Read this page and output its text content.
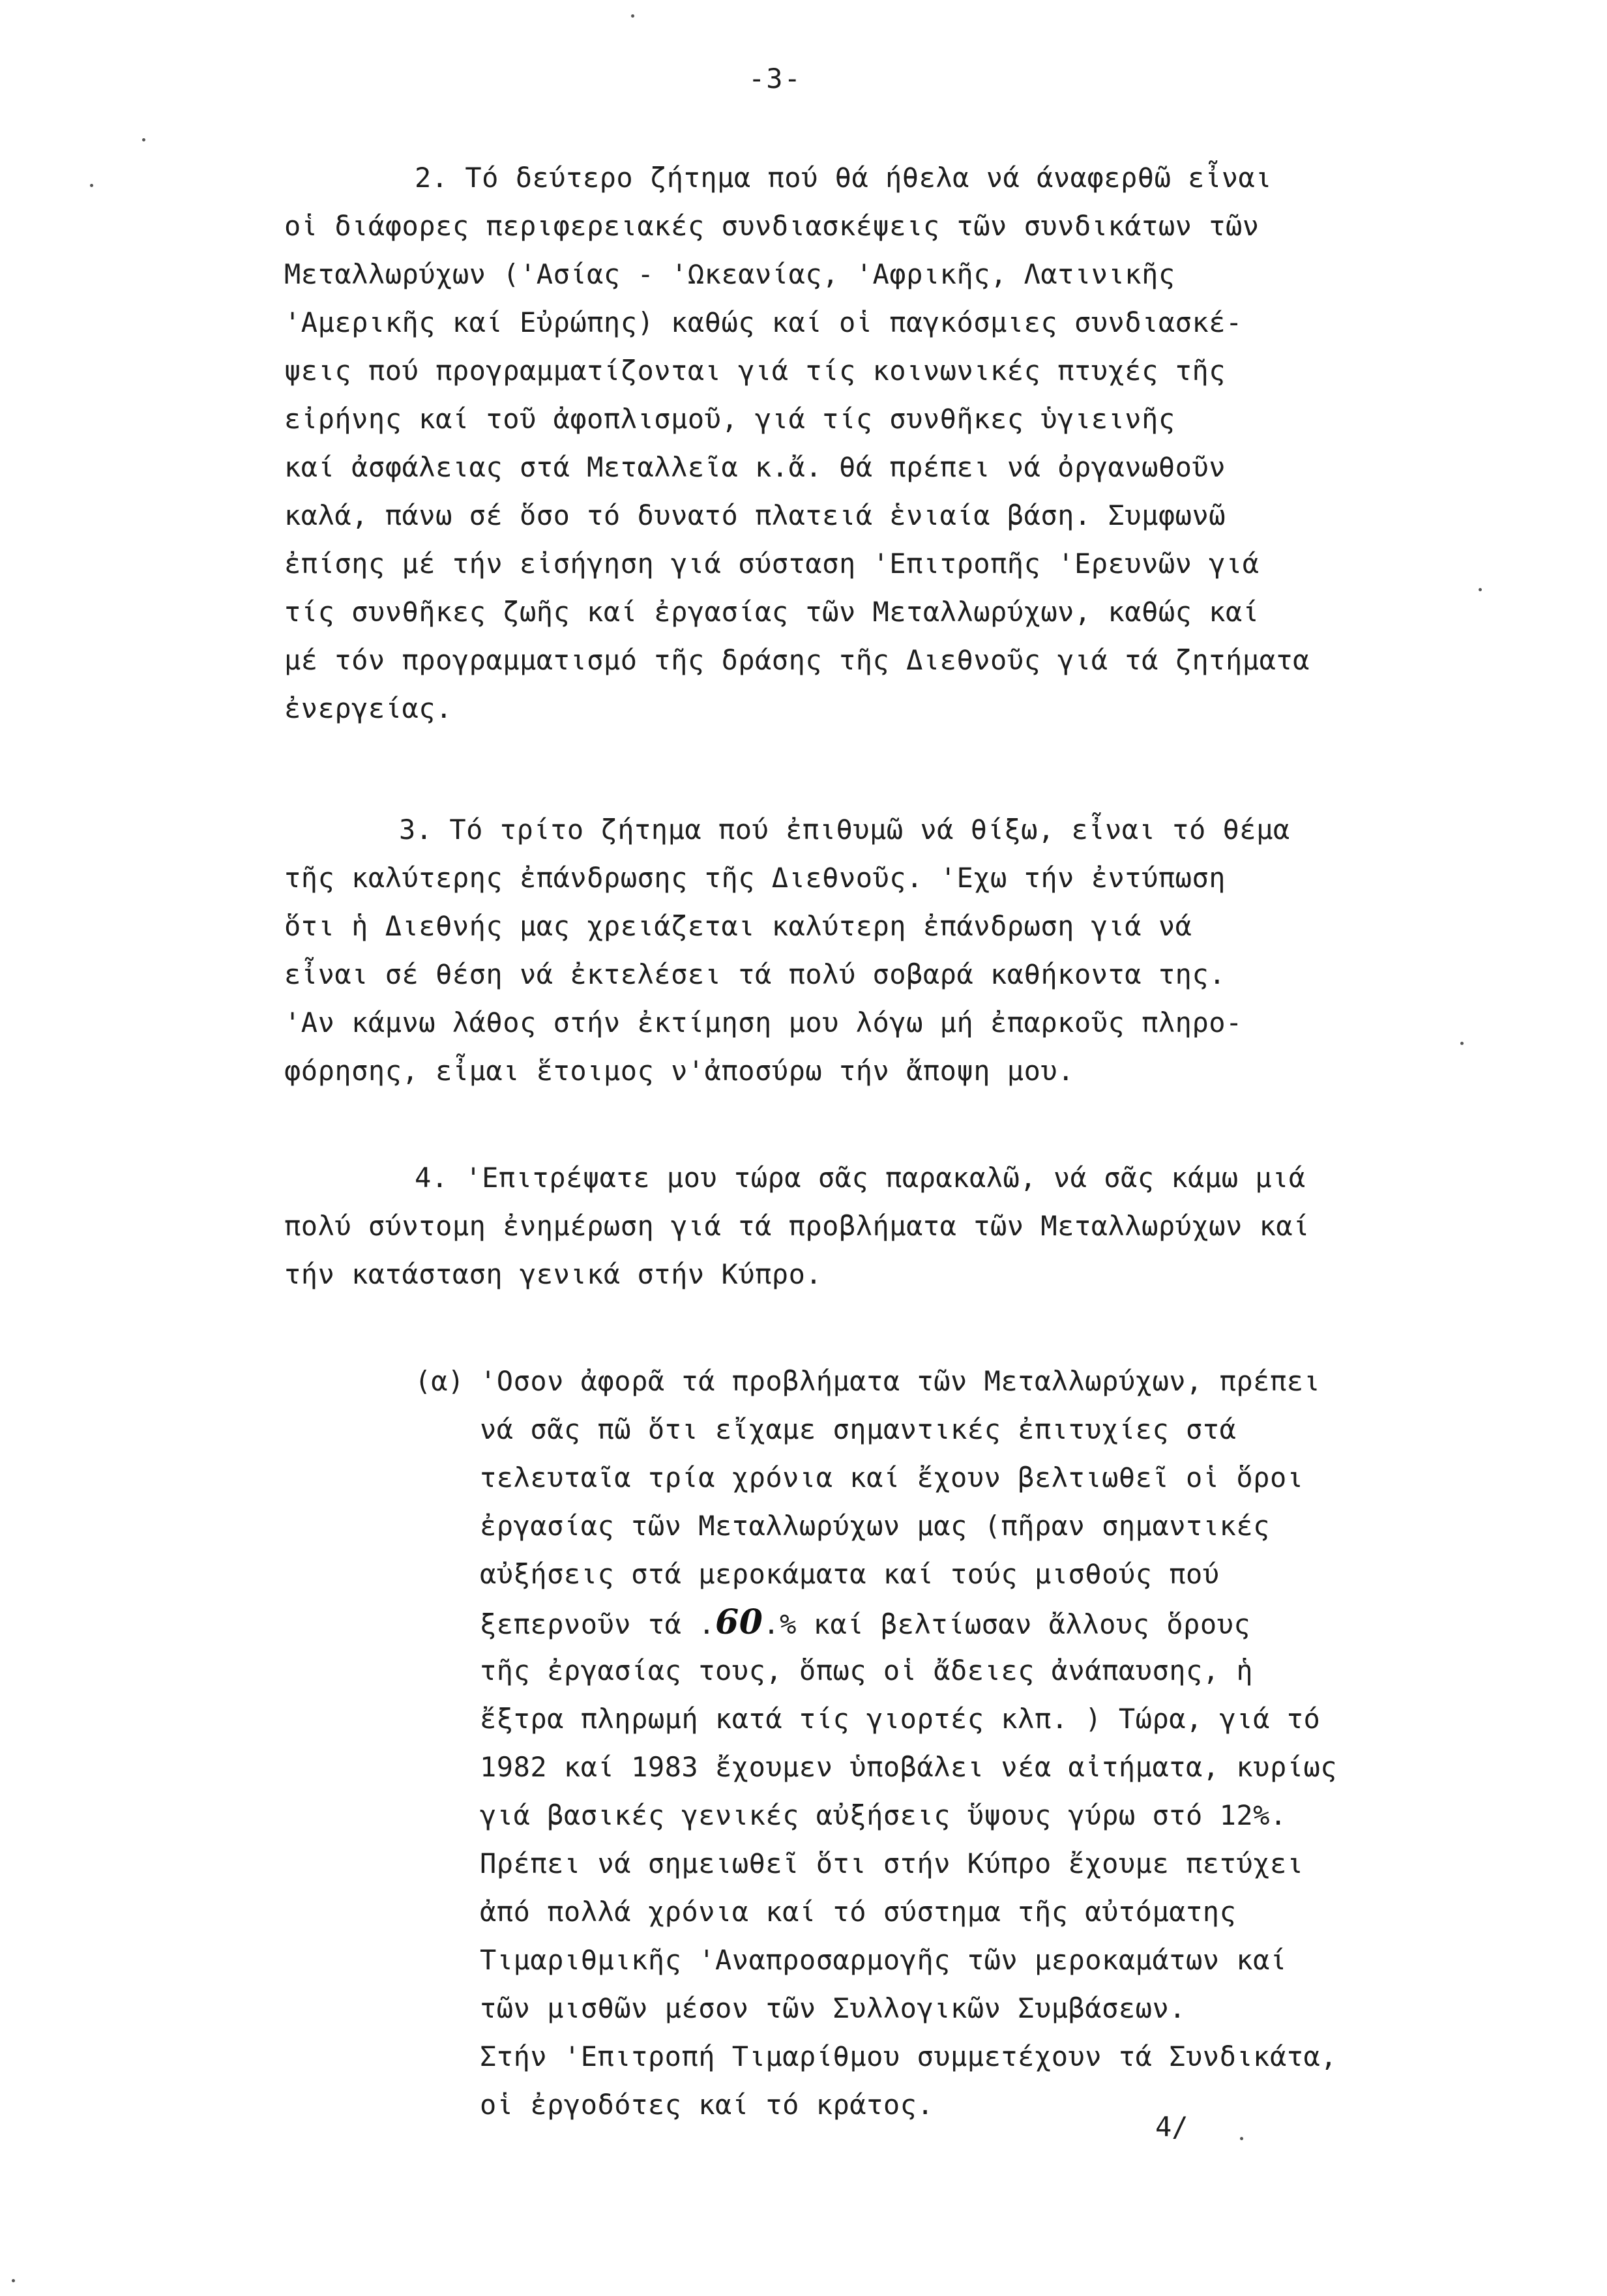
-3-
2. Τό δεύτερο ζήτημα πού θά ήθελα νά άναφερθῶ εἶναι
οἱ διάφορες περιφερειακές συνδιασκέψεις τῶν συνδικάτων τῶν
Μεταλλωρύχων ('Ασίας - 'Ωκεανίας, 'Αφρικῆς, Λατινικῆς
'Αμερικῆς καί Εὐρώπης) καθώς καί οἱ παγκόσμιες συνδιασκέ-
ψεις πού προγραμματίζονται γιά τίς κοινωνικές πτυχές τῆς
εἰρήνης καί τοῦ ἀφοπλισμοῦ, γιά τίς συνθῆκες ὑγιεινῆς
καί ἀσφάλειας στά Μεταλλεῖα κ.ἄ. θά πρέπει νά ὀργανωθοῦν
καλά, πάνω σέ ὅσο τό δυνατό πλατειά ἑνιαία βάση. Συμφωνῶ
ἐπίσης μέ τήν εἰσήγηση γιά σύσταση 'Επιτροπῆς 'Ερευνῶν γιά
τίς συνθῆκες ζωῆς καί ἐργασίας τῶν Μεταλλωρύχων, καθώς καί
μέ τόν προγραμματισμό τῆς δράσης τῆς Διεθνοῦς γιά τά ζητήματα
ἐνεργείας.
3. Τό τρίτο ζήτημα πού ἐπιθυμῶ νά θίξω, εἶναι τό θέμα
τῆς καλύτερης ἐπάνδρωσης τῆς Διεθνοῦς. 'Εχω τήν ἐντύπωση
ὅτι ἡ Διεθνής μας χρειάζεται καλύτερη ἐπάνδρωση γιά νά
εἶναι σέ θέση νά ἐκτελέσει τά πολύ σοβαρά καθήκοντα της.
'Αν κάμνω λάθος στήν ἐκτίμηση μου λόγω μή ἐπαρκοῦς πληρο-
φόρησης, εἶμαι ἕτοιμος ν'ἀποσύρω τήν ἄποψη μου.
4. 'Επιτρέψατε μου τώρα σᾶς παρακαλῶ, νά σᾶς κάμω μιά
πολύ σύντομη ἐνημέρωση γιά τά προβλήματα τῶν Μεταλλωρύχων καί
τήν κατάσταση γενικά στήν Κύπρο.
(α) 'Οσον ἀφορᾶ τά προβλήματα τῶν Μεταλλωρύχων, πρέπει
νά σᾶς πῶ ὅτι εἴχαμε σημαντικές ἐπιτυχίες στά
τελευταῖα τρία χρόνια καί ἔχουν βελτιωθεῖ οἱ ὅροι
ἐργασίας τῶν Μεταλλωρύχων μας (πῆραν σημαντικές
αὐξήσεις στά μεροκάματα καί τούς μισθούς πού
ξεπερνοῦν τά .60.% καί βελτίωσαν ἄλλους ὅρους
τῆς ἐργασίας τους, ὅπως οἱ ἄδειες ἀνάπαυσης, ἡ
ἔξτρα πληρωμή κατά τίς γιορτές κλπ. ) Τώρα, γιά τό
1982 καί 1983 ἔχουμεν ὑποβάλει νέα αἰτήματα, κυρίως
γιά βασικές γενικές αὐξήσεις ὕψους γύρω στό 12%.
Πρέπει νά σημειωθεῖ ὅτι στήν Κύπρο ἔχουμε πετύχει
ἀπό πολλά χρόνια καί τό σύστημα τῆς αὐτόματης
Τιμαριθμικῆς 'Αναπροσαρμογῆς τῶν μεροκαμάτων καί
τῶν μισθῶν μέσον τῶν Συλλογικῶν Συμβάσεων.
Στήν 'Επιτροπή Τιμαρίθμου συμμετέχουν τά Συνδικάτα,
οἱ ἐργοδότες καί τό κράτος.
4/
